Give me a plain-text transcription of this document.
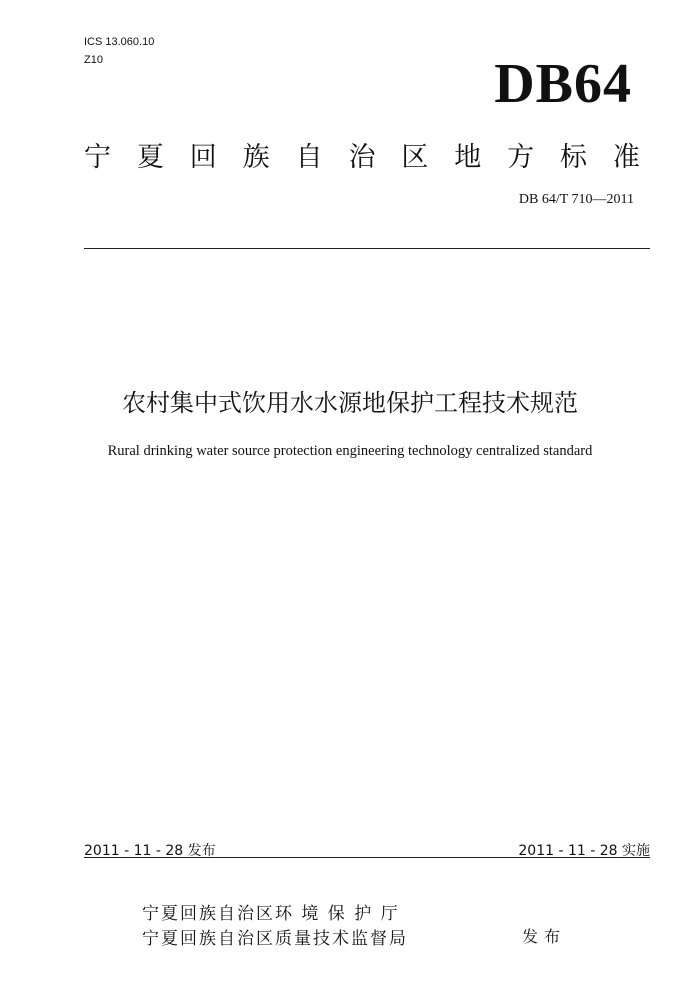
ICS 13.060.10
Z10	DB64
宁 夏 回 族 自 治 区 地 方 标 准
DB 64/T 710—2011
农村集中式饮用水水源地保护工程技术规范
Rural drinking water source protection engineering technology centralized standard
2011 - 11 - 28 发布	2011 - 11 - 28 实施
宁夏回族自治区环 境 保 护 厅
宁夏回族自治区质量技术监督局	发布
